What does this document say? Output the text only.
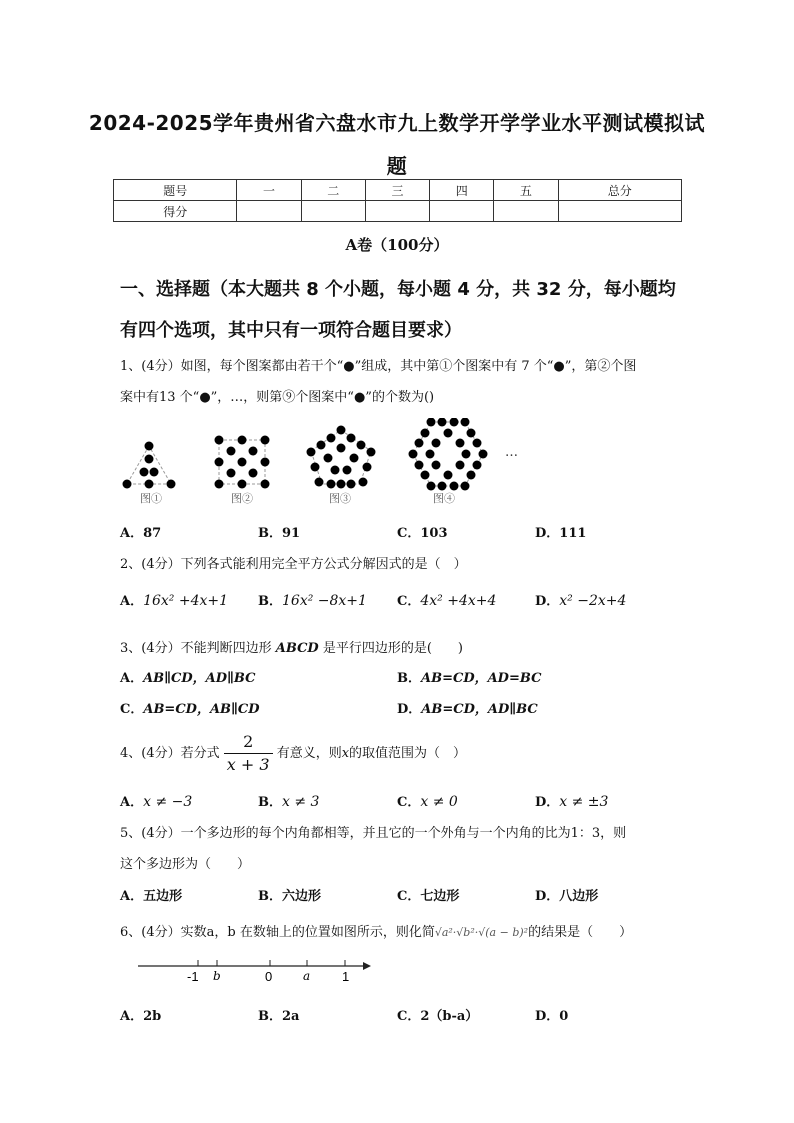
2024-2025学年贵州省六盘水市九上数学开学学业水平测试模拟试
题
题号	一	二	三	四	五	总分
得分						
A卷（100分）
一、选择题（本大题共 8 个小题，每小题 4 分，共 32 分，每小题均
有四个选项，其中只有一项符合题目要求）
1、(4分）如图，每个图案都由若干个“●”组成，其中第①个图案中有 7 个“●”，第②个图
案中有13 个“●”，…，则第⑨个图案中“●”的个数为()
…
图①	图②	图③	图④
A．87	B．91	C．103	D．111
2、(4分）下列各式能利用完全平方公式分解因式的是（　）
A．16x² +4x+1 B．16x² −8x+1 C．4x² +4x+4	D．x² −2x+4
3、(4分）不能判断四边形 ABCD 是平行四边形的是(　　)
A．AB∥CD，AD∥BC	B．AB=CD，AD=BC
C．AB=CD，AB∥CD	D．AB=CD，AD∥BC
4、(4分）若分式 $\frac{2}{x + 3}$ 有意义，则x的取值范围为（　）
A．x ≠ −3	B．x ≠ 3	C．x ≠ 0	D．x ≠ ±3
5、(4分）一个多边形的每个内角都相等，并且它的一个外角与一个内角的比为1：3，则
这个多边形为（　　）
A．五边形	B．六边形	C．七边形	D．八边形
6、(4分）实数a，b 在数轴上的位置如图所示，则化简√a²·√b²·√(a − b)²的结果是（　　）
-1 b	0	a 1
A．2b	B．2a	C．2（b-a）	D．0
